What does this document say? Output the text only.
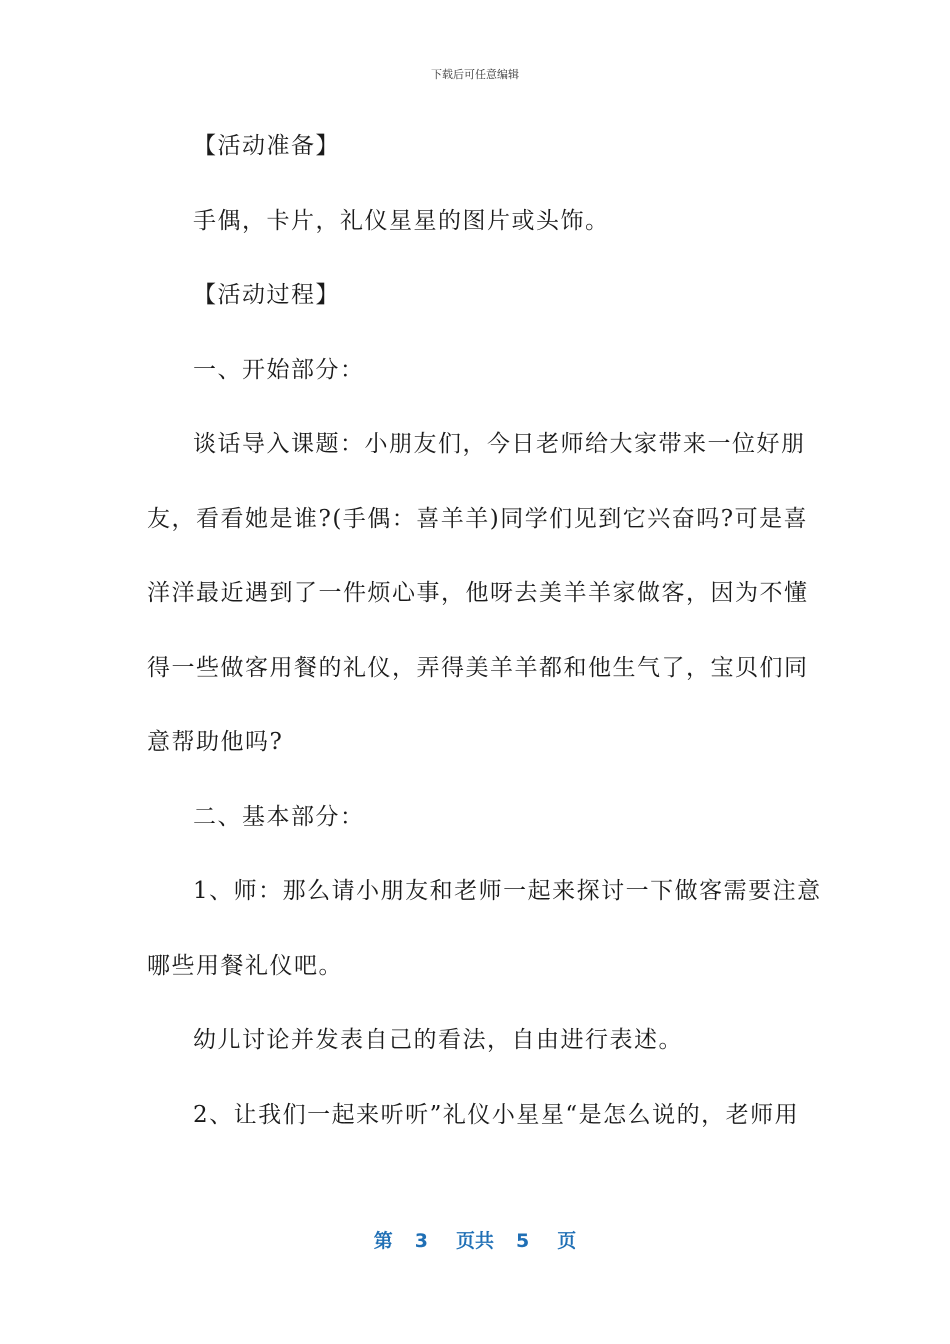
下载后可任意编辑
【活动准备】
手偶，卡片，礼仪星星的图片或头饰。
【活动过程】
一、开始部分：
谈话导入课题：小朋友们，今日老师给大家带来一位好朋
友，看看她是谁?(手偶：喜羊羊)同学们见到它兴奋吗?可是喜
洋洋最近遇到了一件烦心事，他呀去美羊羊家做客，因为不懂
得一些做客用餐的礼仪，弄得美羊羊都和他生气了，宝贝们同
意帮助他吗?
二、基本部分：
1、师：那么请小朋友和老师一起来探讨一下做客需要注意
哪些用餐礼仪吧。
幼儿讨论并发表自己的看法，自由进行表述。
2、让我们一起来听听”礼仪小星星“是怎么说的，老师用
第 3 页共 5 页
